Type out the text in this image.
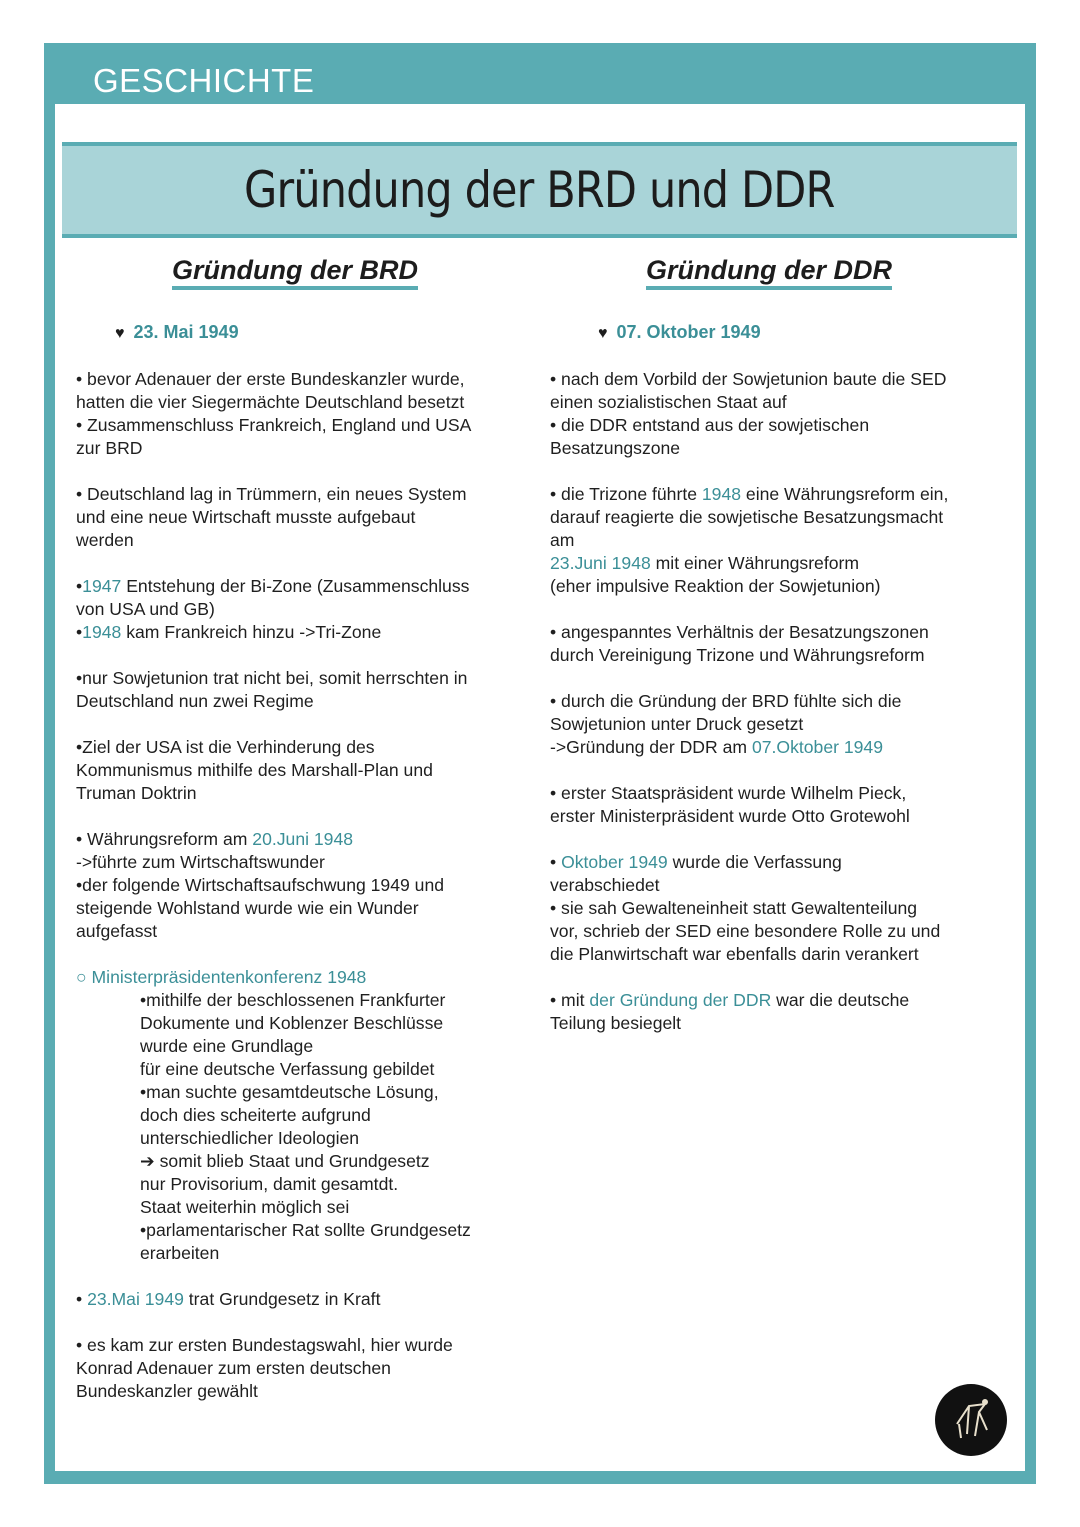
GESCHICHTE
Gründung der BRD und DDR
Gründung der BRD
♥ 23. Mai 1949

• bevor Adenauer der erste Bundeskanzler wurde,
hatten die vier Siegermächte Deutschland besetzt
• Zusammenschluss Frankreich, England und USA
zur BRD

• Deutschland lag in Trümmern, ein neues System
und eine neue Wirtschaft musste aufgebaut
werden

•1947 Entstehung der Bi-Zone (Zusammenschluss
von USA und GB)
•1948 kam Frankreich hinzu ->Tri-Zone

•nur Sowjetunion trat nicht bei, somit herrschten in
Deutschland nun zwei Regime

•Ziel der USA ist die Verhinderung des
Kommunismus mithilfe des Marshall-Plan und
Truman Doktrin

• Währungsreform am 20.Juni 1948
->führte zum Wirtschaftswunder
•der folgende Wirtschaftsaufschwung 1949 und
steigende Wohlstand wurde wie ein Wunder
aufgefasst

○ Ministerpräsidentenkonferenz 1948
•mithilfe der beschlossenen Frankfurter
Dokumente und Koblenzer Beschlüsse
wurde eine Grundlage
für eine deutsche Verfassung gebildet
•man suchte gesamtdeutsche Lösung,
doch dies scheiterte aufgrund
unterschiedlicher Ideologien
➔ somit blieb Staat und Grundgesetz
nur Provisorium, damit gesamtdt.
Staat weiterhin möglich sei
•parlamentarischer Rat sollte Grundgesetz
erarbeiten

• 23.Mai 1949 trat Grundgesetz in Kraft

• es kam zur ersten Bundestagswahl, hier wurde
Konrad Adenauer zum ersten deutschen
Bundeskanzler gewählt

Gründung der DDR
♥ 07. Oktober 1949

• nach dem Vorbild der Sowjetunion baute die SED
einen sozialistischen Staat auf
• die DDR entstand aus der sowjetischen
Besatzungszone

• die Trizone führte 1948 eine Währungsreform ein,
darauf reagierte die sowjetische Besatzungsmacht
am
23.Juni 1948 mit einer Währungsreform
(eher impulsive Reaktion der Sowjetunion)

• angespanntes Verhältnis der Besatzungszonen
durch Vereinigung Trizone und Währungsreform

• durch die Gründung der BRD fühlte sich die
Sowjetunion unter Druck gesetzt
->Gründung der DDR am 07.Oktober 1949

• erster Staatspräsident wurde Wilhelm Pieck,
erster Ministerpräsident wurde Otto Grotewohl

• Oktober 1949 wurde die Verfassung
verabschiedet
• sie sah Gewalteneinheit statt Gewaltenteilung
vor, schrieb der SED eine besondere Rolle zu und
die Planwirtschaft war ebenfalls darin verankert

• mit der Gründung der DDR war die deutsche
Teilung besiegelt
